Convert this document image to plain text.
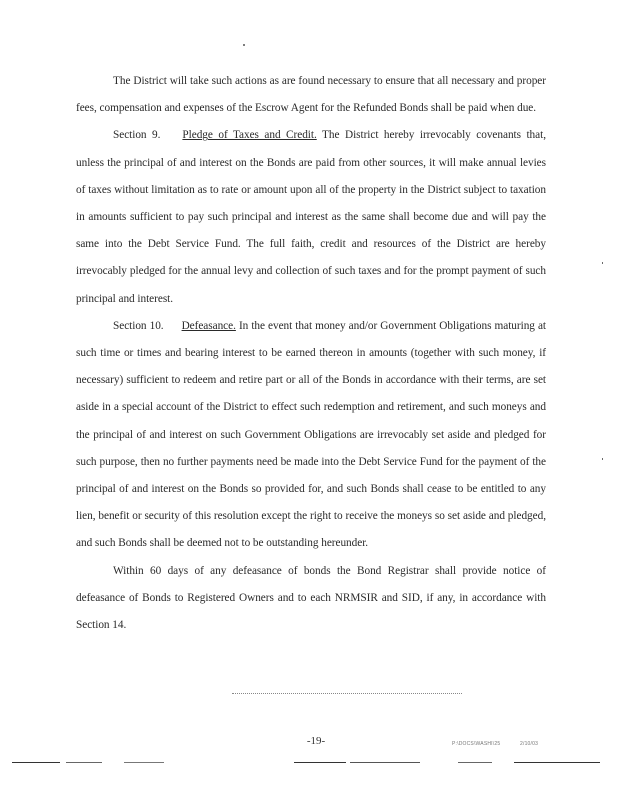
The District will take such actions as are found necessary to ensure that all necessary and proper fees, compensation and expenses of the Escrow Agent for the Refunded Bonds shall be paid when due.

Section 9. Pledge of Taxes and Credit. The District hereby irrevocably covenants that, unless the principal of and interest on the Bonds are paid from other sources, it will make annual levies of taxes without limitation as to rate or amount upon all of the property in the District subject to taxation in amounts sufficient to pay such principal and interest as the same shall become due and will pay the same into the Debt Service Fund. The full faith, credit and resources of the District are hereby irrevocably pledged for the annual levy and collection of such taxes and for the prompt payment of such principal and interest.

Section 10. Defeasance. In the event that money and/or Government Obligations maturing at such time or times and bearing interest to be earned thereon in amounts (together with such money, if necessary) sufficient to redeem and retire part or all of the Bonds in accordance with their terms, are set aside in a special account of the District to effect such redemption and retirement, and such moneys and the principal of and interest on such Government Obligations are irrevocably set aside and pledged for such purpose, then no further payments need be made into the Debt Service Fund for the payment of the principal of and interest on the Bonds so provided for, and such Bonds shall cease to be entitled to any lien, benefit or security of this resolution except the right to receive the moneys so set aside and pledged, and such Bonds shall be deemed not to be outstanding hereunder.

Within 60 days of any defeasance of bonds the Bond Registrar shall provide notice of defeasance of Bonds to Registered Owners and to each NRMSIR and SID, if any, in accordance with Section 14.

-19-	P:\DOCS\WASHI\25	2/10/03
